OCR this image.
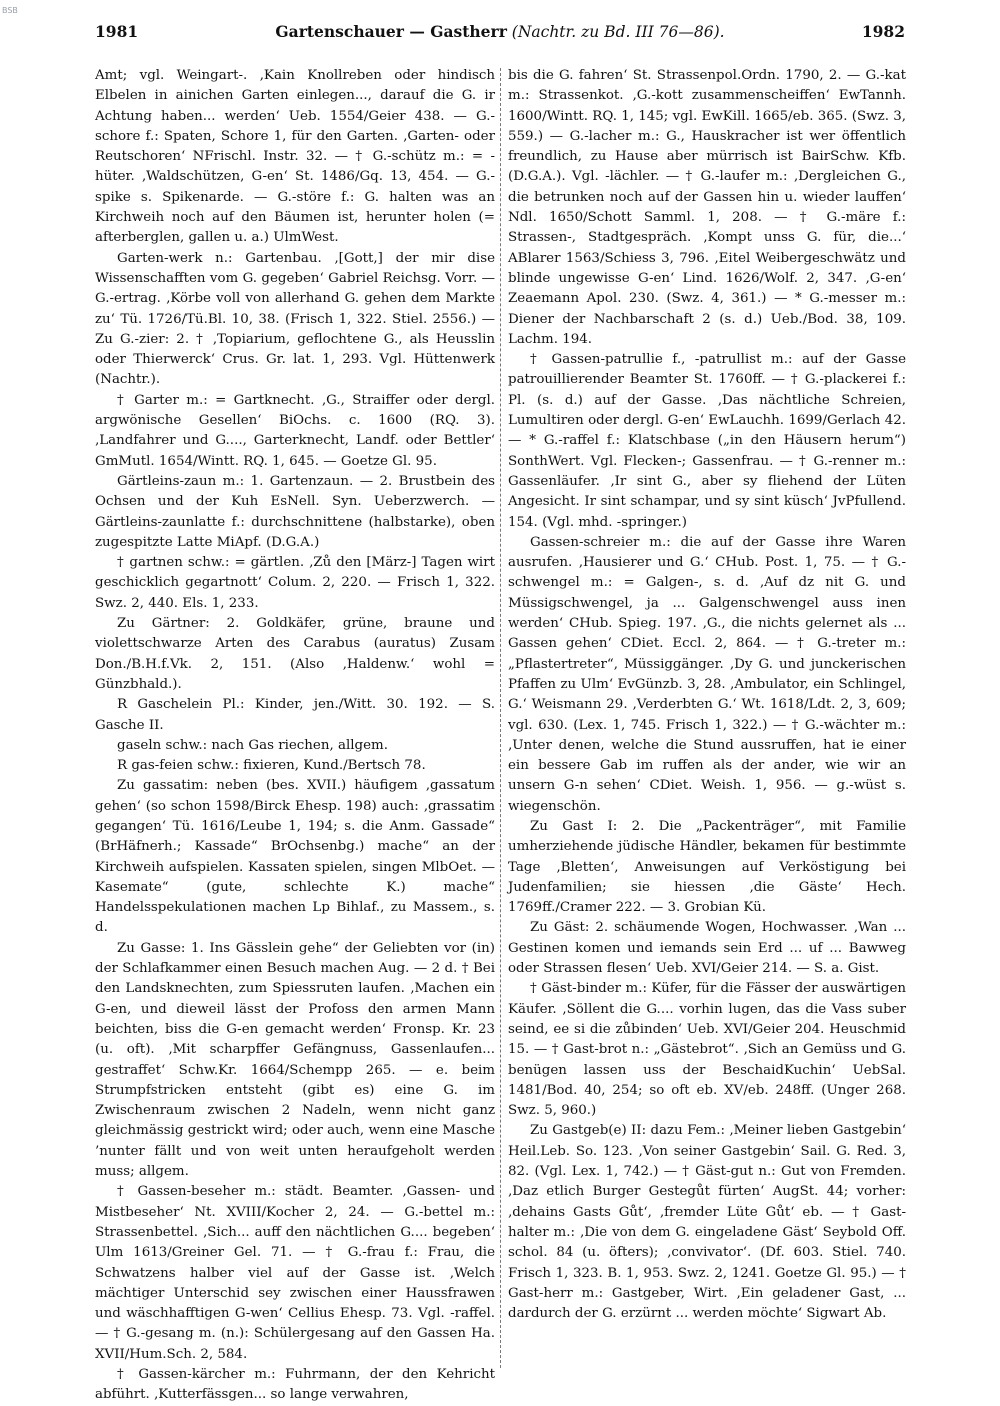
BSB
1981	Gartenschauer — Gastherr (Nachtr. zu Bd. III 76—86).	1982

Amt; vgl. Weingart-. ‚Kain Knollreben oder hindisch Elbelen in ainichen Garten einlegen..., darauf die G. ir Achtung haben... werden‘ Ueb. 1554/Geier 438. — G.-schore f.: Spaten, Schore 1, für den Garten. ‚Garten- oder Reutschoren‘ NFrischl. Instr. 32. — † G.-schütz m.: = -hüter. ‚Waldschützen, G-en‘ St. 1486/Gq. 13, 454. — G.-spike s. Spikenarde. — G.-störe f.: G. halten was an Kirchweih noch auf den Bäumen ist, herunter holen (= afterberglen, gallen u. a.) UlmWest.

Garten-werk n.: Gartenbau. ‚[Gott,] der mir dise Wissenschafften vom G. gegeben‘ Gabriel Reichsg. Vorr. — G.-ertrag. ‚Körbe voll von allerhand G. gehen dem Markte zu‘ Tü. 1726/Tü.Bl. 10, 38. (Frisch 1, 322. Stiel. 2556.) — Zu G.-zier: 2. † ‚Topiarium, geflochtene G., als Heusslin oder Thierwerck‘ Crus. Gr. lat. 1, 293. Vgl. Hüttenwerk (Nachtr.).

† Garter m.: = Gartknecht. ‚G., Straiffer oder dergl. argwönische Gesellen‘ BiOchs. c. 1600 (RQ. 3). ‚Landfahrer und G...., Garterknecht, Landf. oder Bettler‘ GmMutl. 1654/Wintt. RQ. 1, 645. — Goetze Gl. 95.

Gärtleins-zaun m.: 1. Gartenzaun. — 2. Brustbein des Ochsen und der Kuh EsNell. Syn. Ueberzwerch. — Gärtleins-zaunlatte f.: durchschnittene (halbstarke), oben zugespitzte Latte MiApf. (D.G.A.)

† gartnen schw.: = gärtlen. ‚Zů den [März-] Tagen wirt geschicklich gegartnott‘ Colum. 2, 220. — Frisch 1, 322. Swz. 2, 440. Els. 1, 233.

Zu Gärtner: 2. Goldkäfer, grüne, braune und violettschwarze Arten des Carabus (auratus) Zusam Don./B.H.f.Vk. 2, 151. (Also ‚Haldenw.‘ wohl = Günzbhald.).

R Gaschelein Pl.: Kinder, jen./Witt. 30. 192. — S. Gasche II.

gaseln schw.: nach Gas riechen, allgem.

R gas-feien schw.: fixieren, Kund./Bertsch 78.

Zu gassatim: neben (bes. XVII.) häufigem ‚gassatum gehen‘ (so schon 1598/Birck Ehesp. 198) auch: ‚grassatim gegangen‘ Tü. 1616/Leube 1, 194; s. die Anm. Gassade“ (BrHäfnerh.; Kassade“ BrOchsenbg.) mache“ an der Kirchweih aufspielen. Kassaten spielen, singen MlbOet. — Kasemate“ (gute, schlechte K.) mache“ Handelsspekulationen machen Lp Bihlaf., zu Massem., s. d.

Zu Gasse: 1. Ins Gässlein gehe“ der Geliebten vor (in) der Schlafkammer einen Besuch machen Aug. — 2 d. † Bei den Landsknechten, zum Spiessruten laufen. ‚Machen ein G-en, und dieweil lässt der Profoss den armen Mann beichten, biss die G-en gemacht werden‘ Fronsp. Kr. 23 (u. oft). ‚Mit scharpffer Gefängnuss, Gassenlaufen... gestraffet‘ Schw.Kr. 1664/Schempp 265. — e. beim Strumpfstricken entsteht (gibt es) eine G. im Zwischenraum zwischen 2 Nadeln, wenn nicht ganz gleichmässig gestrickt wird; oder auch, wenn eine Masche ’nunter fällt und von weit unten heraufgeholt werden muss; allgem.

† Gassen-beseher m.: städt. Beamter. ‚Gassen- und Mistbeseher‘ Nt. XVIII/Kocher 2, 24. — G.-bettel m.: Strassenbettel. ‚Sich... auff den nächtlichen G.... begeben‘ Ulm 1613/Greiner Gel. 71. — † G.-frau f.: Frau, die Schwatzens halber viel auf der Gasse ist. ‚Welch mächtiger Unterschid sey zwischen einer Haussfrawen und wäschhafftigen G-wen‘ Cellius Ehesp. 73. Vgl. -raffel. — † G.-gesang m. (n.): Schülergesang auf den Gassen Ha. XVII/Hum.Sch. 2, 584.

† Gassen-kärcher m.: Fuhrmann, der den Kehricht abführt. ‚Kutterfässgen... so lange verwahren,

bis die G. fahren‘ St. Strassenpol.Ordn. 1790, 2. — G.-kat m.: Strassenkot. ‚G.-kott zusammenscheiffen‘ EwTannh. 1600/Wintt. RQ. 1, 145; vgl. EwKill. 1665/eb. 365. (Swz. 3, 559.) — G.-lacher m.: G., Hauskracher ist wer öffentlich freundlich, zu Hause aber mürrisch ist BairSchw. Kfb. (D.G.A.). Vgl. -lächler. — † G.-laufer m.: ‚Dergleichen G., die betrunken noch auf der Gassen hin u. wieder lauffen‘ Ndl. 1650/Schott Samml. 1, 208. — † G.-märe f.: Strassen-, Stadtgespräch. ‚Kompt unss G. für, die...‘ ABlarer 1563/Schiess 3, 796. ‚Eitel Weibergeschwätz und blinde ungewisse G-en‘ Lind. 1626/Wolf. 2, 347. ‚G-en‘ Zeaemann Apol. 230. (Swz. 4, 361.) — * G.-messer m.: Diener der Nachbarschaft 2 (s. d.) Ueb./Bod. 38, 109. Lachm. 194.

† Gassen-patrullie f., -patrullist m.: auf der Gasse patrouillierender Beamter St. 1760ff. — † G.-plackerei f.: Pl. (s. d.) auf der Gasse. ‚Das nächtliche Schreien, Lumultiren oder dergl. G-en‘ EwLauchh. 1699/Gerlach 42. — * G.-raffel f.: Klatschbase („in den Häusern herum“) SonthWert. Vgl. Flecken-; Gassenfrau. — † G.-renner m.: Gassenläufer. ‚Ir sint G., aber sy fliehend der Lüten Angesicht. Ir sint schampar, und sy sint küsch‘ JvPfullend. 154. (Vgl. mhd. -springer.)

Gassen-schreier m.: die auf der Gasse ihre Waren ausrufen. ‚Hausierer und G.‘ CHub. Post. 1, 75. — † G.-schwengel m.: = Galgen-, s. d. ‚Auf dz nit G. und Müssigschwengel, ja ... Galgenschwengel auss inen werden‘ CHub. Spieg. 197. ‚G., die nichts gelernet als ... Gassen gehen‘ CDiet. Eccl. 2, 864. — † G.-treter m.: „Pflastertreter“, Müssiggänger. ‚Dy G. und junckerischen Pfaffen zu Ulm‘ EvGünzb. 3, 28. ‚Ambulator, ein Schlingel, G.‘ Weismann 29. ‚Verderbten G.‘ Wt. 1618/Ldt. 2, 3, 609; vgl. 630. (Lex. 1, 745. Frisch 1, 322.) — † G.-wächter m.: ‚Unter denen, welche die Stund aussruffen, hat ie einer ein bessere Gab im ruffen als der ander, wie wir an unsern G-n sehen‘ CDiet. Weish. 1, 956. — g.-wüst s. wiegenschön.

Zu Gast I: 2. Die „Packenträger“, mit Familie umherziehende jüdische Händler, bekamen für bestimmte Tage ‚Bletten‘, Anweisungen auf Verköstigung bei Judenfamilien; sie hiessen ‚die Gäste‘ Hech. 1769ff./Cramer 222. — 3. Grobian Kü.

Zu Gäst: 2. schäumende Wogen, Hochwasser. ‚Wan ... Gestinen komen und iemands sein Erd ... uf ... Bawweg oder Strassen flesen‘ Ueb. XVI/Geier 214. — S. a. Gist.

† Gäst-binder m.: Küfer, für die Fässer der auswärtigen Käufer. ‚Söllent die G.... vorhin lugen, das die Vass suber seind, ee si die zůbinden‘ Ueb. XVI/Geier 204. Heuschmid 15. — † Gast-brot n.: „Gästebrot“. ‚Sich an Gemüss und G. benügen lassen uss der BeschaidKuchin‘ UebSal. 1481/Bod. 40, 254; so oft eb. XV/eb. 248ff. (Unger 268. Swz. 5, 960.)

Zu Gastgeb(e) II: dazu Fem.: ‚Meiner lieben Gastgebin‘ Heil.Leb. So. 123. ‚Von seiner Gastgebin‘ Sail. G. Red. 3, 82. (Vgl. Lex. 1, 742.) — † Gäst-gut n.: Gut von Fremden. ‚Daz etlich Burger Gestegůt fürten‘ AugSt. 44; vorher: ‚dehains Gasts Gůt‘, ‚fremder Lüte Gůt‘ eb. — † Gast-halter m.: ‚Die von dem G. eingeladene Gäst‘ Seybold Off. schol. 84 (u. öfters); ‚convivator‘. (Df. 603. Stiel. 740. Frisch 1, 323. B. 1, 953. Swz. 2, 1241. Goetze Gl. 95.) — † Gast-herr m.: Gastgeber, Wirt. ‚Ein geladener Gast, ... dardurch der G. erzürnt ... werden möchte‘ Sigwart Ab.
